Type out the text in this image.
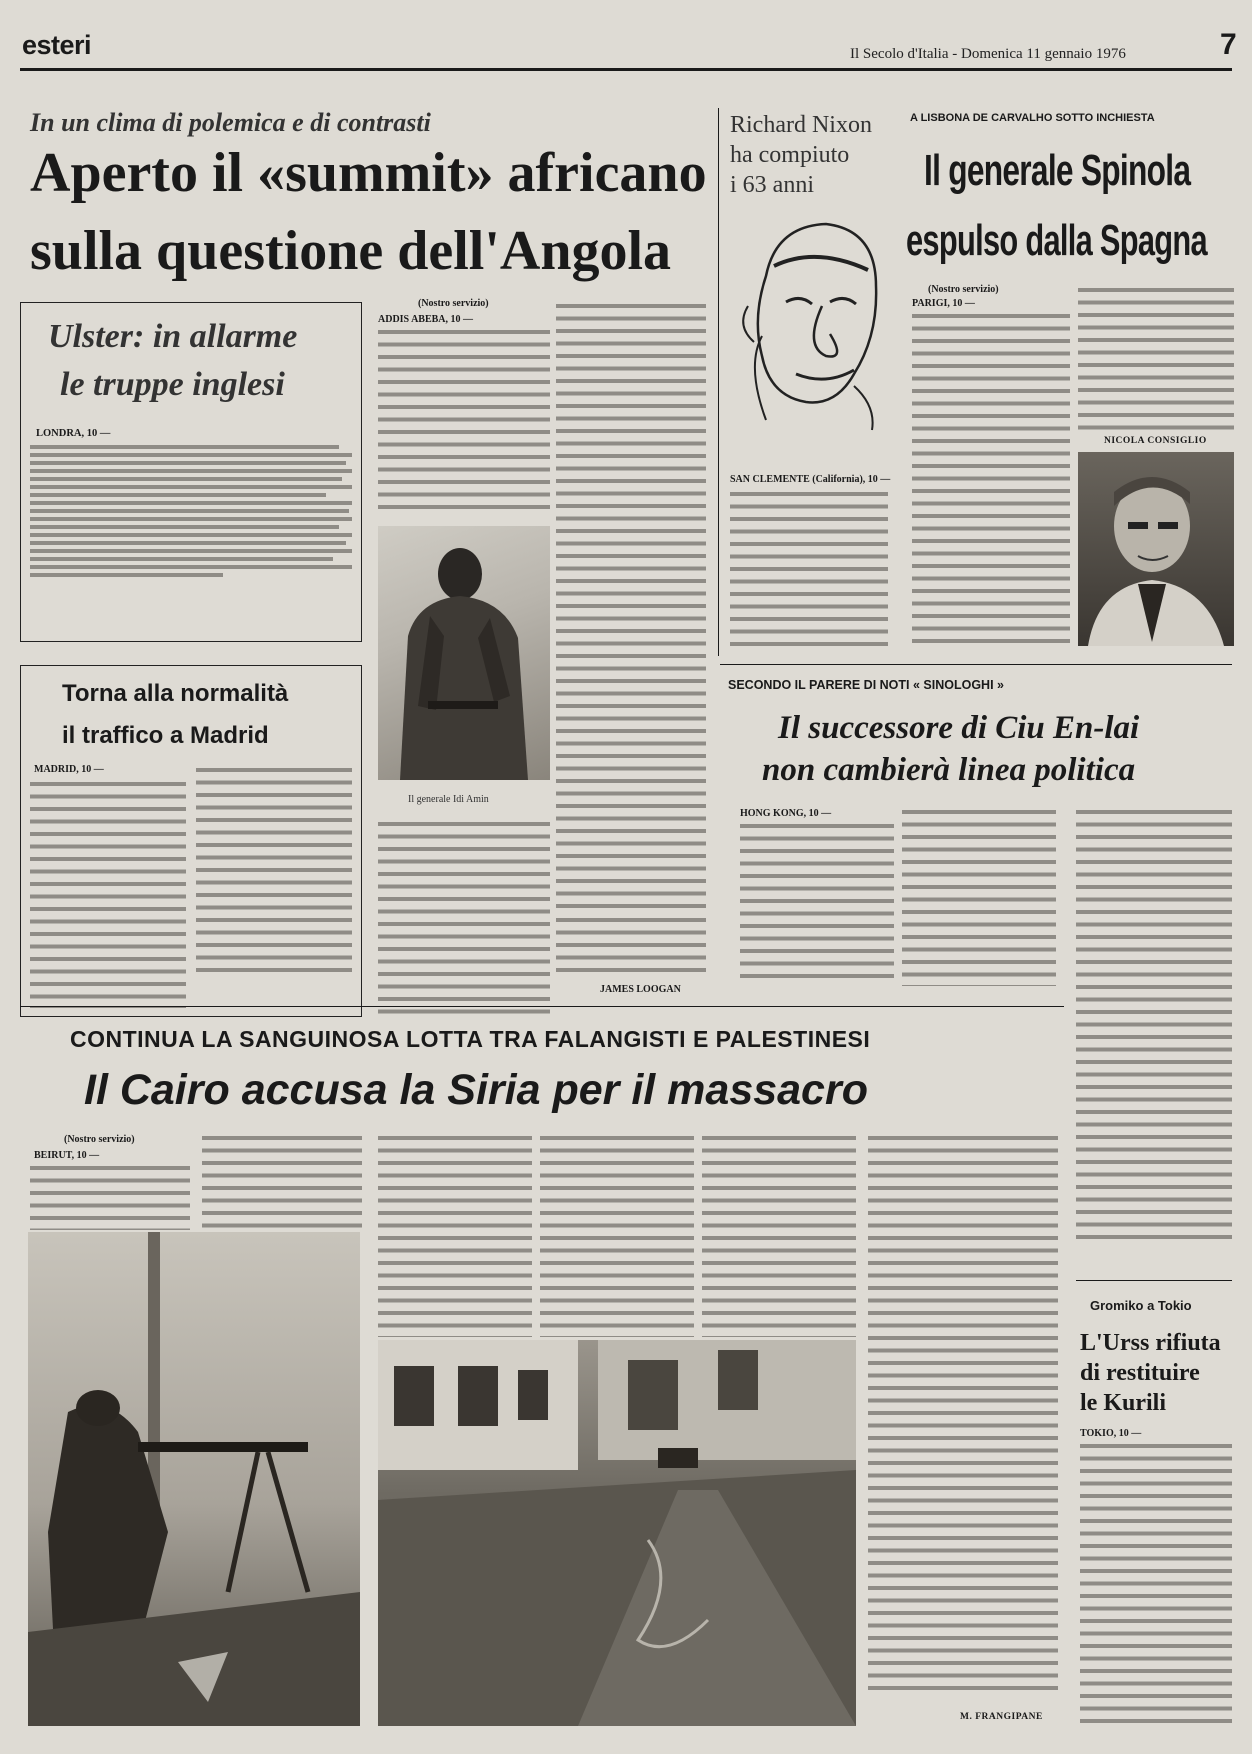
esteri	Il Secolo d'Italia - Domenica 11 gennaio 1976	7
In un clima di polemica e di contrasti
Aperto il «summit» africano
sulla questione dell'Angola
Ulster: in allarme
le truppe inglesi
LONDRA, 10 —
(Nostro servizio)
ADDIS ABEBA, 10 —
Il generale Idi Amin
JAMES LOOGAN
Torna alla normalità
il traffico a Madrid
MADRID, 10 —
Richard Nixon
ha compiuto
i 63 anni
SAN CLEMENTE (California), 10 —
A LISBONA DE CARVALHO SOTTO INCHIESTA
Il generale Spinola
espulso dalla Spagna
(Nostro servizio)
PARIGI, 10 —
NICOLA CONSIGLIO
SECONDO IL PARERE DI NOTI « SINOLOGHI »
Il successore di Ciu En-lai
non cambierà linea politica
HONG KONG, 10 —
CONTINUA LA SANGUINOSA LOTTA TRA FALANGISTI E PALESTINESI
Il Cairo accusa la Siria per il massacro
(Nostro servizio)
BEIRUT, 10 —
M. FRANGIPANE
Gromiko a Tokio
L'Urss rifiuta
di restituire
le Kurili
TOKIO, 10 —
